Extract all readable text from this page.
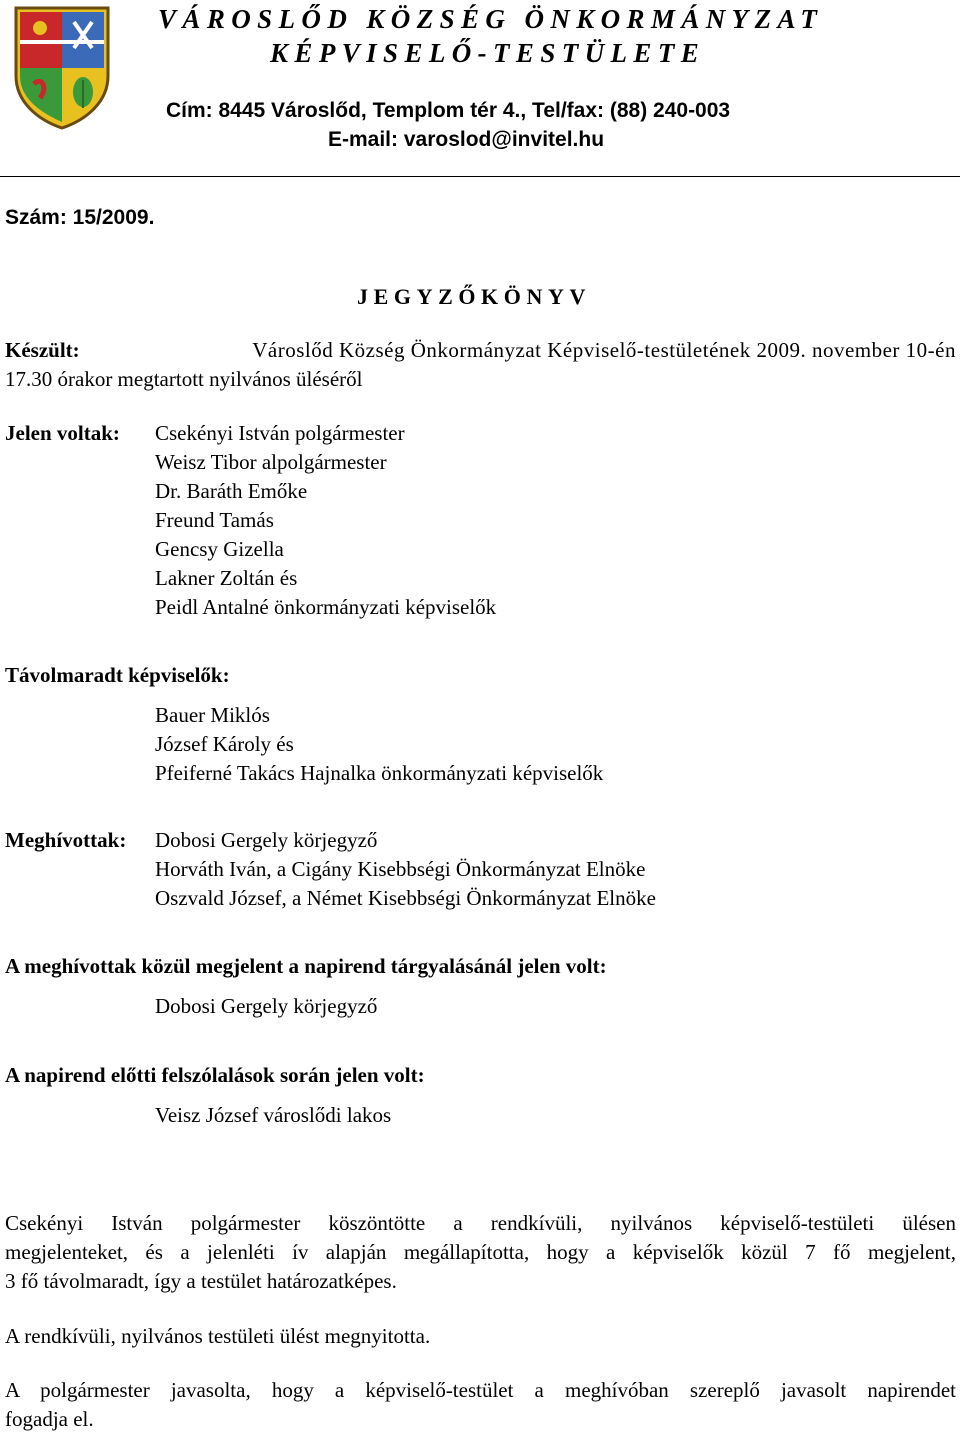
VÁROSLŐD KÖZSÉG ÖNKORMÁNYZAT
KÉPVISELŐ-TESTÜLETE
Cím: 8445 Városlőd, Templom tér 4., Tel/fax: (88) 240-003
E-mail: varoslod@invitel.hu
Szám: 15/2009.
JEGYZŐKÖNYV
Készült:	Városlőd Község Önkormányzat Képviselő-testületének 2009. november 10-én
17.30 órakor megtartott nyilvános üléséről
Jelen voltak: Csekényi István polgármester
Weisz Tibor alpolgármester
Dr. Baráth Emőke
Freund Tamás
Gencsy Gizella
Lakner Zoltán és
Peidl Antalné önkormányzati képviselők
Távolmaradt képviselők:
Bauer Miklós
József Károly és
Pfeiferné Takács Hajnalka önkormányzati képviselők
Meghívottak: Dobosi Gergely körjegyző
Horváth Iván, a Cigány Kisebbségi Önkormányzat Elnöke
Oszvald József, a Német Kisebbségi Önkormányzat Elnöke
A meghívottak közül megjelent a napirend tárgyalásánál jelen volt:
Dobosi Gergely körjegyző
A napirend előtti felszólalások során jelen volt:
Veisz József városlődi lakos
Csekényi István polgármester köszöntötte a rendkívüli, nyilvános képviselő-testületi ülésen
megjelenteket, és a jelenléti ív alapján megállapította, hogy a képviselők közül 7 fő megjelent,
3 fő távolmaradt, így a testület határozatképes.
A rendkívüli, nyilvános testületi ülést megnyitotta.
A polgármester javasolta, hogy a képviselő-testület a meghívóban szereplő javasolt napirendet
fogadja el.
